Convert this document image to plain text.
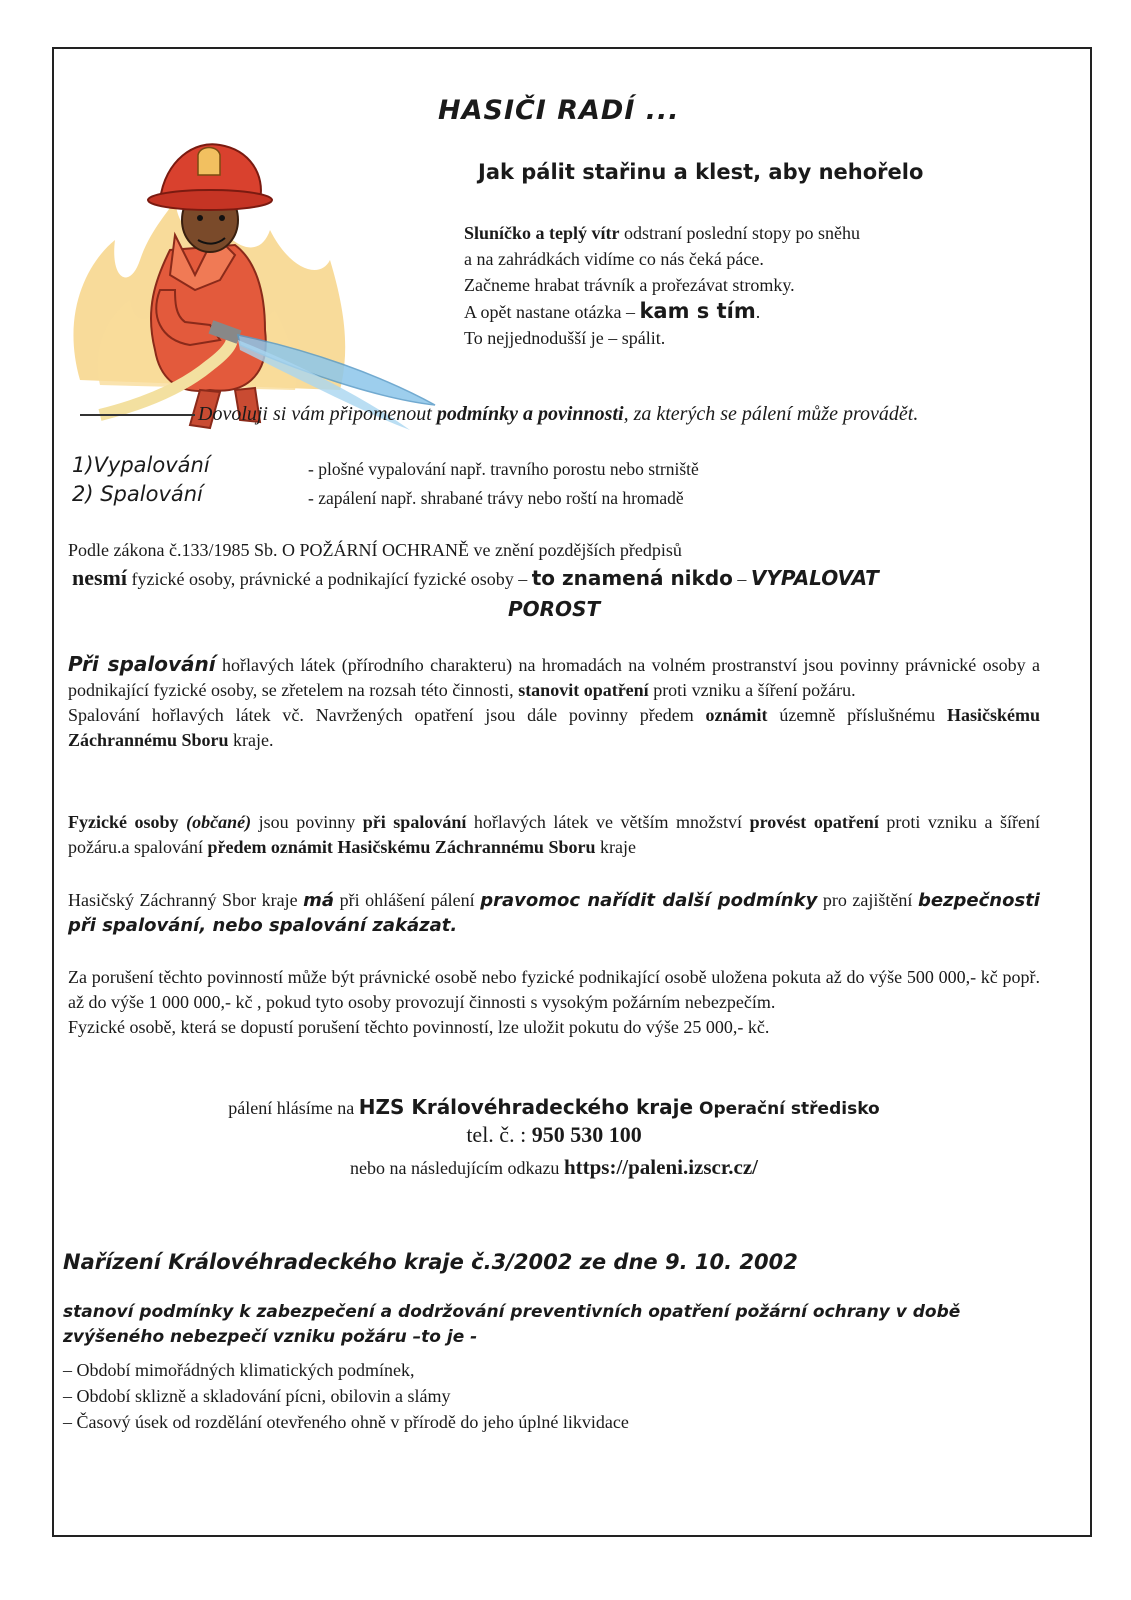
HASIČI RADÍ ...
Jak pálit stařinu a klest, aby nehořelo
Sluníčko a teplý vítr odstraní poslední stopy po sněhu
a na zahrádkách vidíme co nás čeká páce.
Začneme hrabat trávník a prořezávat stromky.
A opět nastane otázka – kam s tím.
To nejjednodušší je – spálit.
Dovoluji si vám připomenout podmínky a povinnosti, za kterých se pálení může provádět.
1)Vypalování	- plošné vypalování např. travního porostu nebo strniště
2) Spalování	- zapálení např. shrabané trávy nebo roští na hromadě
Podle zákona č.133/1985 Sb. O POŽÁRNÍ OCHRANĚ ve znění pozdějších předpisů
nesmí fyzické osoby, právnické a podnikající fyzické osoby – to znamená nikdo – VYPALOVAT
POROST
Při spalování hořlavých látek (přírodního charakteru) na hromadách na volném prostranství jsou povinny právnické osoby a podnikající fyzické osoby, se zřetelem na rozsah této činnosti, stanovit opatření proti vzniku a šíření požáru.
Spalování hořlavých látek vč. Navržených opatření jsou dále povinny předem oznámit územně příslušnému Hasičskému Záchrannému Sboru kraje.
Fyzické osoby (občané) jsou povinny při spalování hořlavých látek ve větším množství provést opatření proti vzniku a šíření požáru.a spalování předem oznámit Hasičskému Záchrannému Sboru kraje
Hasičský Záchranný Sbor kraje má při ohlášení pálení pravomoc nařídit další podmínky pro zajištění bezpečnosti při spalování, nebo spalování zakázat.
Za porušení těchto povinností může být právnické osobě nebo fyzické podnikající osobě uložena pokuta až do výše 500 000,- kč popř. až do výše 1 000 000,- kč , pokud tyto osoby provozují činnosti s vysokým požárním nebezpečím.
Fyzické osobě, která se dopustí porušení těchto povinností, lze uložit pokutu do výše 25 000,- kč.
pálení hlásíme na HZS Královéhradeckého kraje Operační středisko
tel. č. : 950 530 100
nebo na následujícím odkazu https://paleni.izscr.cz/
Nařízení Královéhradeckého kraje č.3/2002 ze dne 9. 10. 2002
stanoví podmínky k zabezpečení a dodržování preventivních opatření požární ochrany v době zvýšeného nebezpečí vzniku požáru –to je -
– Období mimořádných klimatických podmínek,
– Období sklizně a skladování pícni, obilovin a slámy
– Časový úsek od rozdělání otevřeného ohně v přírodě do jeho úplné likvidace
